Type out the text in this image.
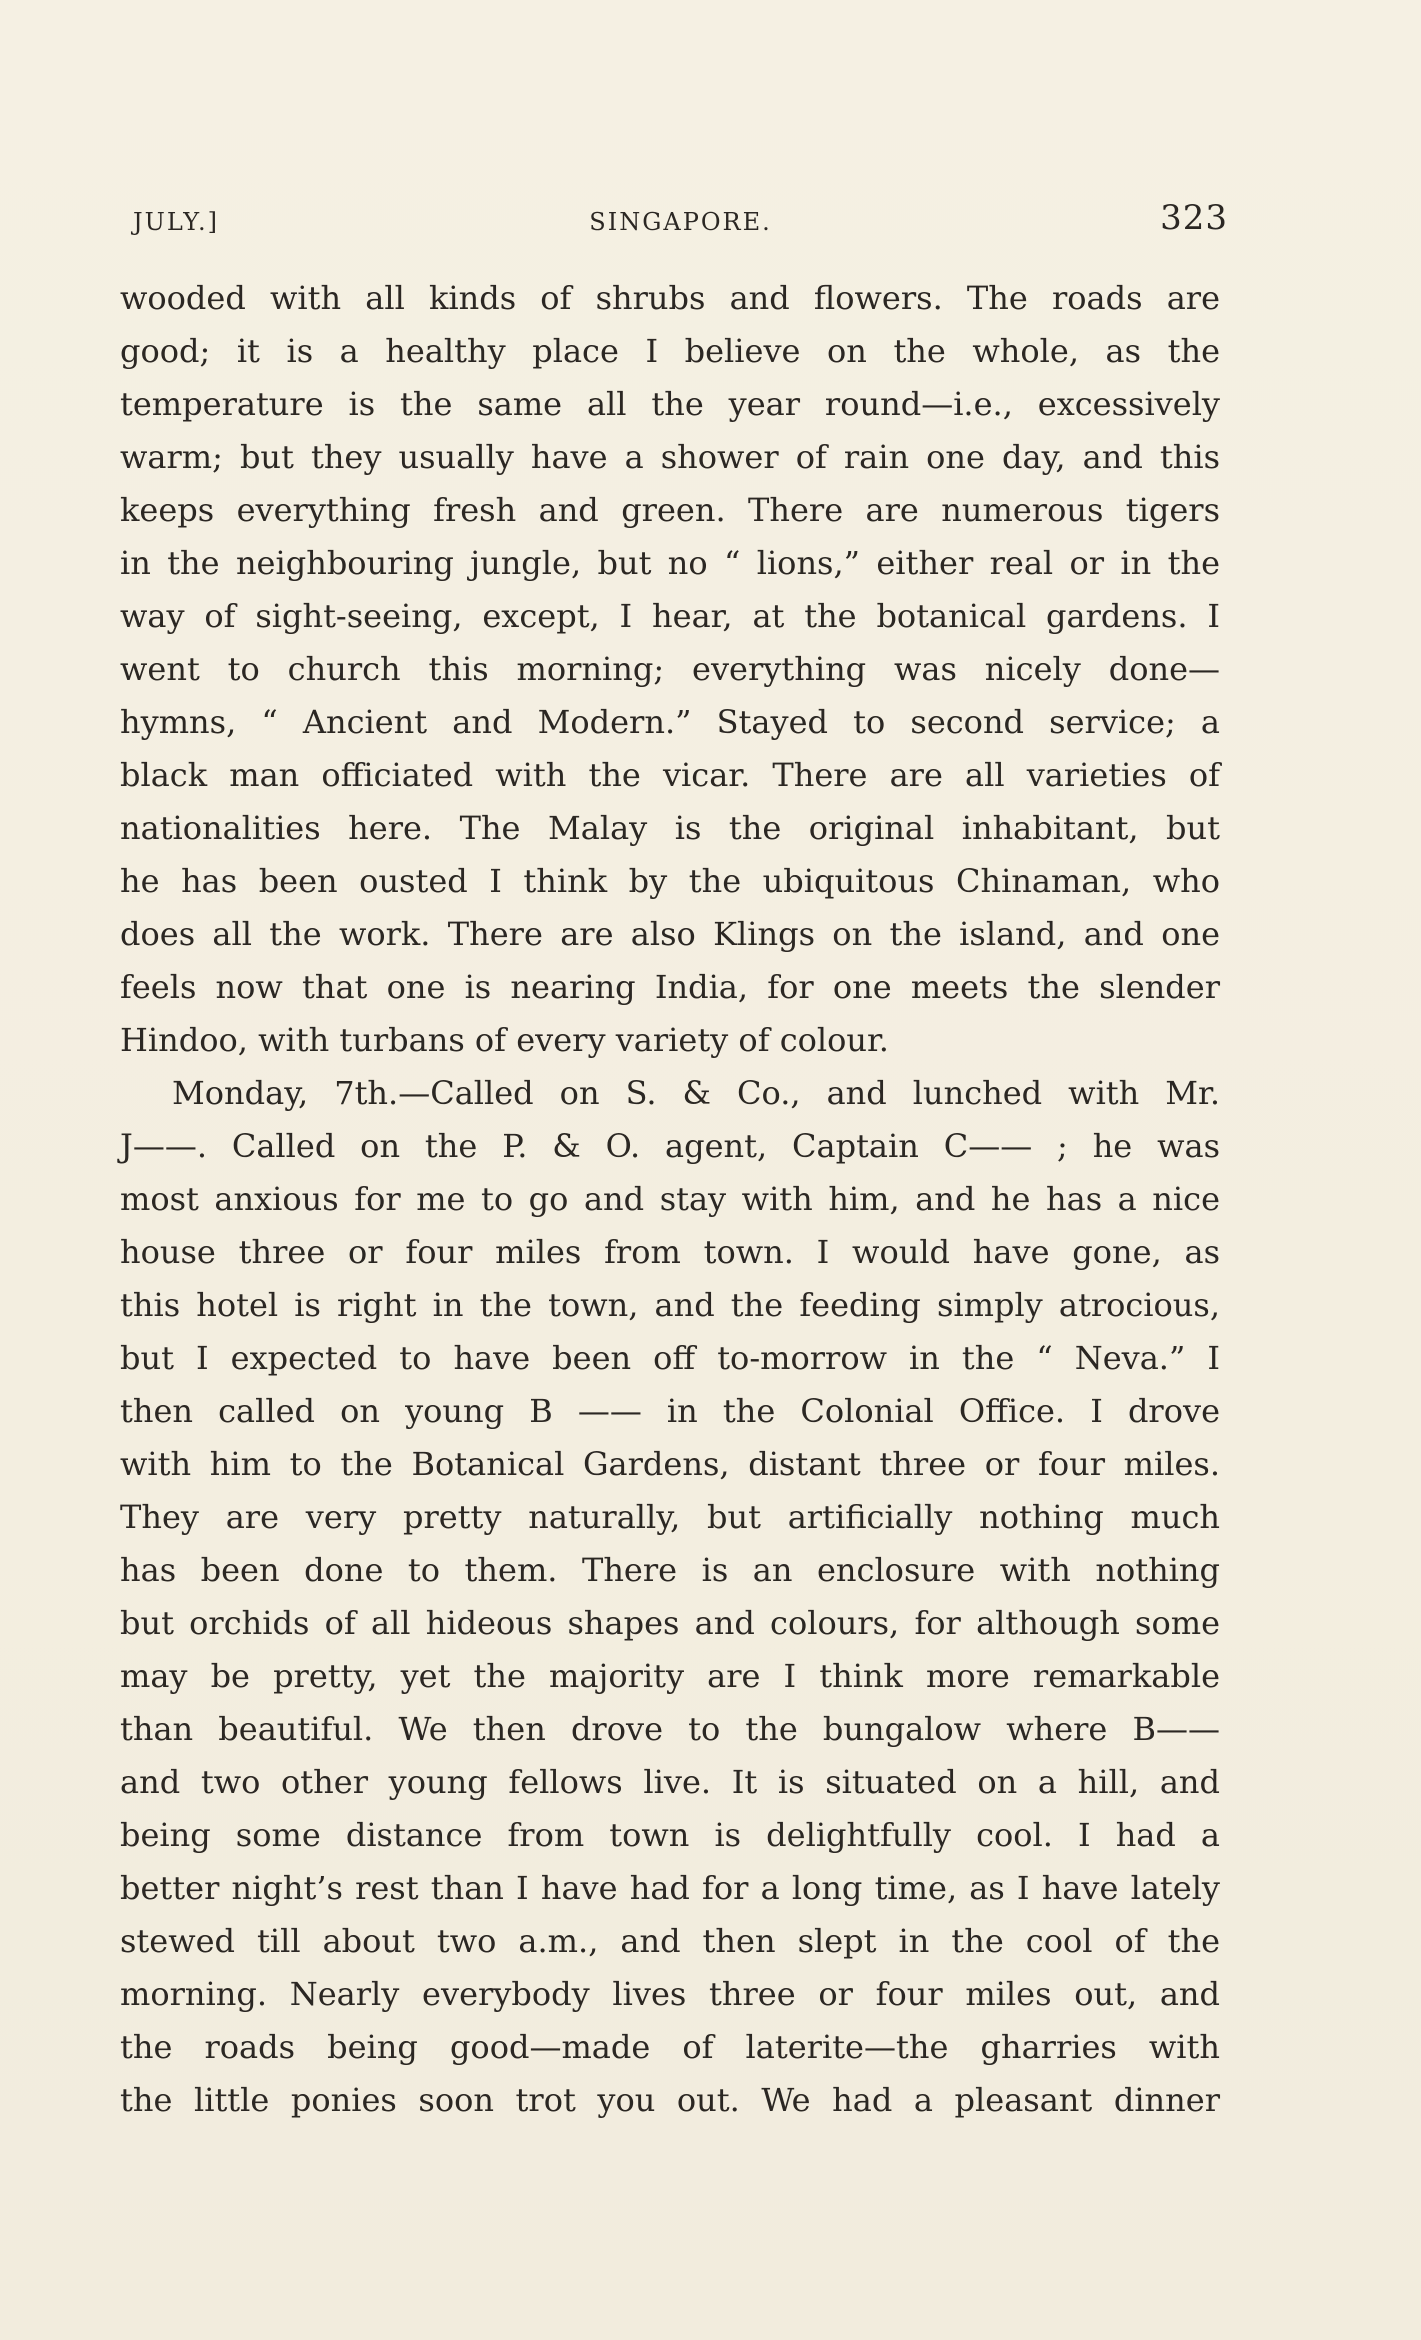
JULY.]	SINGAPORE.	323
wooded with all kinds of shrubs and flowers. The roads are
good; it is a healthy place I believe on the whole, as the
temperature is the same all the year round—i.e., excessively
warm; but they usually have a shower of rain one day, and this
keeps everything fresh and green. There are numerous tigers
in the neighbouring jungle, but no “ lions,” either real or in the
way of sight-seeing, except, I hear, at the botanical gardens. I
went to church this morning; everything was nicely done—
hymns, “ Ancient and Modern.” Stayed to second service; a
black man officiated with the vicar. There are all varieties of
nationalities here. The Malay is the original inhabitant, but
he has been ousted I think by the ubiquitous Chinaman, who
does all the work. There are also Klings on the island, and one
feels now that one is nearing India, for one meets the slender
Hindoo, with turbans of every variety of colour.
Monday, 7th.—Called on S. & Co., and lunched with Mr.
J——. Called on the P. & O. agent, Captain C—— ; he was
most anxious for me to go and stay with him, and he has a nice
house three or four miles from town. I would have gone, as
this hotel is right in the town, and the feeding simply atrocious,
but I expected to have been off to-morrow in the “ Neva.” I
then called on young B —— in the Colonial Office. I drove
with him to the Botanical Gardens, distant three or four miles.
They are very pretty naturally, but artificially nothing much
has been done to them. There is an enclosure with nothing
but orchids of all hideous shapes and colours, for although some
may be pretty, yet the majority are I think more remarkable
than beautiful. We then drove to the bungalow where B——
and two other young fellows live. It is situated on a hill, and
being some distance from town is delightfully cool. I had a
better night’s rest than I have had for a long time, as I have lately
stewed till about two a.m., and then slept in the cool of the
morning. Nearly everybody lives three or four miles out, and
the roads being good—made of laterite—the gharries with
the little ponies soon trot you out. We had a pleasant dinner
